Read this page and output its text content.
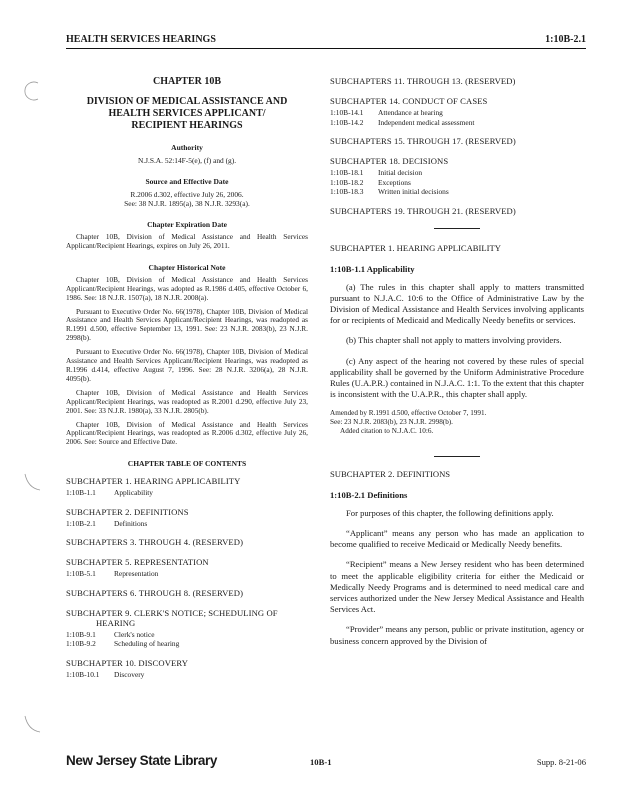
HEALTH SERVICES HEARINGS	1:10B-2.1
CHAPTER 10B
DIVISION OF MEDICAL ASSISTANCE AND
HEALTH SERVICES APPLICANT/
RECIPIENT HEARINGS
Authority
N.J.S.A. 52:14F-5(e), (f) and (g).
Source and Effective Date
R.2006 d.302, effective July 26, 2006.
See: 38 N.J.R. 1895(a), 38 N.J.R. 3293(a).
Chapter Expiration Date

Chapter 10B, Division of Medical Assistance and Health Services Applicant/Recipient Hearings, expires on July 26, 2011.

Chapter Historical Note

Chapter 10B, Division of Medical Assistance and Health Services Applicant/Recipient Hearings, was adopted as R.1986 d.405, effective October 6, 1986. See: 18 N.J.R. 1507(a), 18 N.J.R. 2008(a).

Pursuant to Executive Order No. 66(1978), Chapter 10B, Division of Medical Assistance and Health Services Applicant/Recipient Hearings, was readopted as R.1991 d.500, effective September 13, 1991. See: 23 N.J.R. 2083(b), 23 N.J.R. 2998(b).

Pursuant to Executive Order No. 66(1978), Chapter 10B, Division of Medical Assistance and Health Services Applicant/Recipient Hearings, was readopted as R.1996 d.414, effective August 7, 1996. See: 28 N.J.R. 3206(a), 28 N.J.R. 4095(b).

Chapter 10B, Division of Medical Assistance and Health Services Applicant/Recipient Hearings, was readopted as R.2001 d.290, effective July 23, 2001. See: 33 N.J.R. 1980(a), 33 N.J.R. 2805(b).

Chapter 10B, Division of Medical Assistance and Health Services Applicant/Recipient Hearings, was readopted as R.2006 d.302, effective July 26, 2006. See: Source and Effective Date.

CHAPTER TABLE OF CONTENTS
SUBCHAPTER 1. HEARING APPLICABILITY
1:10B-1.1 Applicability
SUBCHAPTER 2. DEFINITIONS
1:10B-2.1 Definitions
SUBCHAPTERS 3. THROUGH 4. (RESERVED)
SUBCHAPTER 5. REPRESENTATION
1:10B-5.1 Representation
SUBCHAPTERS 6. THROUGH 8. (RESERVED)
SUBCHAPTER 9. CLERK'S NOTICE; SCHEDULING OF
HEARING
1:10B-9.1 Clerk's notice
1:10B-9.2 Scheduling of hearing
SUBCHAPTER 10. DISCOVERY
1:10B-10.1 Discovery
SUBCHAPTERS 11. THROUGH 13. (RESERVED)
SUBCHAPTER 14. CONDUCT OF CASES
1:10B-14.1 Attendance at hearing
1:10B-14.2 Independent medical assessment
SUBCHAPTERS 15. THROUGH 17. (RESERVED)
SUBCHAPTER 18. DECISIONS
1:10B-18.1 Initial decision
1:10B-18.2 Exceptions
1:10B-18.3 Written initial decisions
SUBCHAPTERS 19. THROUGH 21. (RESERVED)
SUBCHAPTER 1. HEARING APPLICABILITY
1:10B-1.1 Applicability

(a) The rules in this chapter shall apply to matters transmitted pursuant to N.J.A.C. 10:6 to the Office of Administrative Law by the Division of Medical Assistance and Health Services involving applicants for or recipients of Medicaid and Medically Needy benefits or services.

(b) This chapter shall not apply to matters involving providers.

(c) Any aspect of the hearing not covered by these rules of special applicability shall be governed by the Uniform Administrative Procedure Rules (U.A.P.R.) contained in N.J.A.C. 1:1. To the extent that this chapter is inconsistent with the U.A.P.R., this chapter shall apply.

Amended by R.1991 d.500, effective October 7, 1991.
See: 23 N.J.R. 2083(b), 23 N.J.R. 2998(b).
Added citation to N.J.A.C. 10:6.
SUBCHAPTER 2. DEFINITIONS
1:10B-2.1 Definitions

For purposes of this chapter, the following definitions apply.

“Applicant” means any person who has made an application to become qualified to receive Medicaid or Medically Needy benefits.

“Recipient” means a New Jersey resident who has been determined to meet the applicable eligibility criteria for either the Medicaid or Medically Needy Programs and is determined to need medical care and services authorized under the New Jersey Medical Assistance and Health Services Act.

“Provider” means any person, public or private institution, agency or business concern approved by the Division of

New Jersey State Library	10B-1	Supp. 8-21-06
